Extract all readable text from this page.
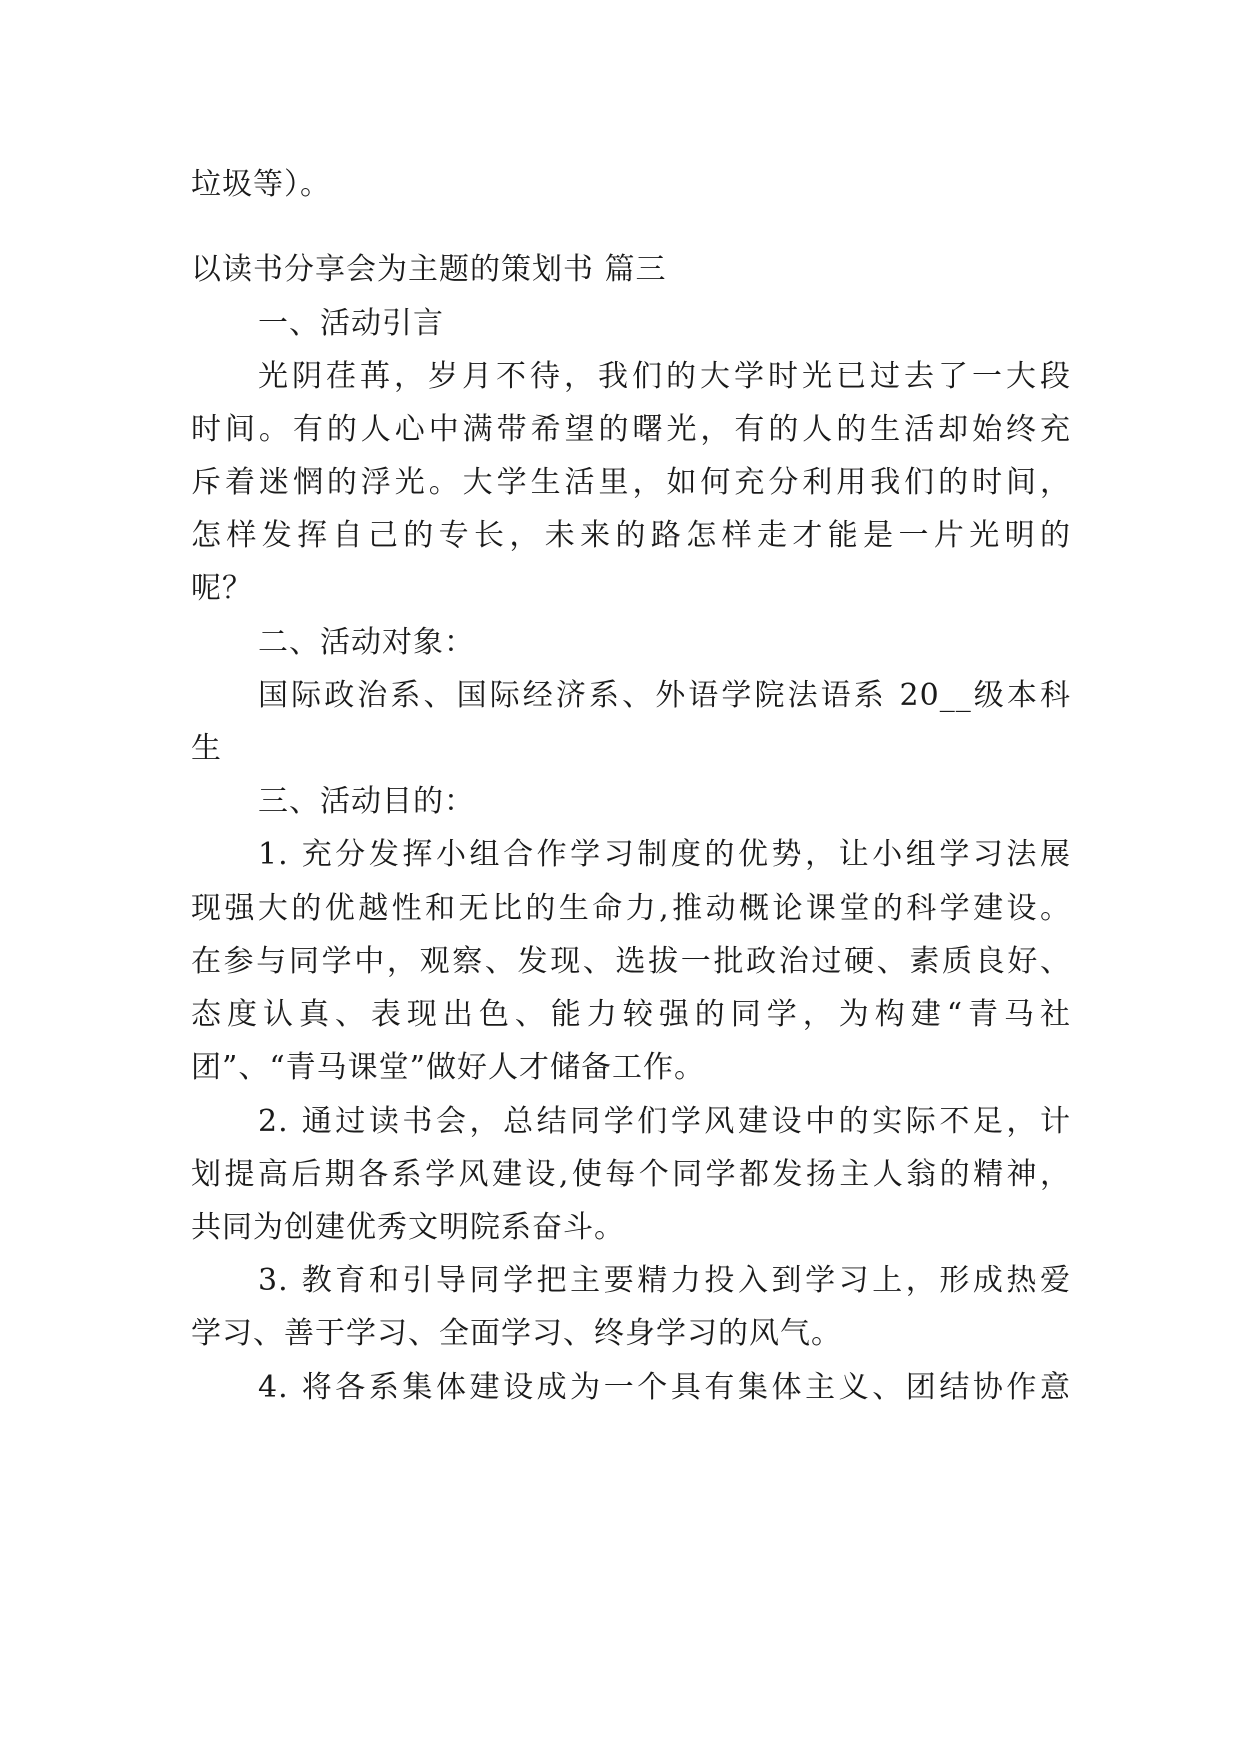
垃圾等）。
以读书分享会为主题的策划书 篇三
一、活动引言
光阴荏苒，岁月不待，我们的大学时光已过去了一大段
时间。有的人心中满带希望的曙光，有的人的生活却始终充
斥着迷惘的浮光。大学生活里，如何充分利用我们的时间，
怎样发挥自己的专长，未来的路怎样走才能是一片光明的
呢？
二、活动对象：
国际政治系、国际经济系、外语学院法语系 20__级本科
生
三、活动目的：
1. 充分发挥小组合作学习制度的优势，让小组学习法展
现强大的优越性和无比的生命力,推动概论课堂的科学建设。
在参与同学中，观察、发现、选拔一批政治过硬、素质良好、
态度认真、表现出色、能力较强的同学，为构建“青马社
团”、“青马课堂”做好人才储备工作。
2. 通过读书会，总结同学们学风建设中的实际不足，计
划提高后期各系学风建设,使每个同学都发扬主人翁的精神，
共同为创建优秀文明院系奋斗。
3. 教育和引导同学把主要精力投入到学习上，形成热爱
学习、善于学习、全面学习、终身学习的风气。
4. 将各系集体建设成为一个具有集体主义、团结协作意
